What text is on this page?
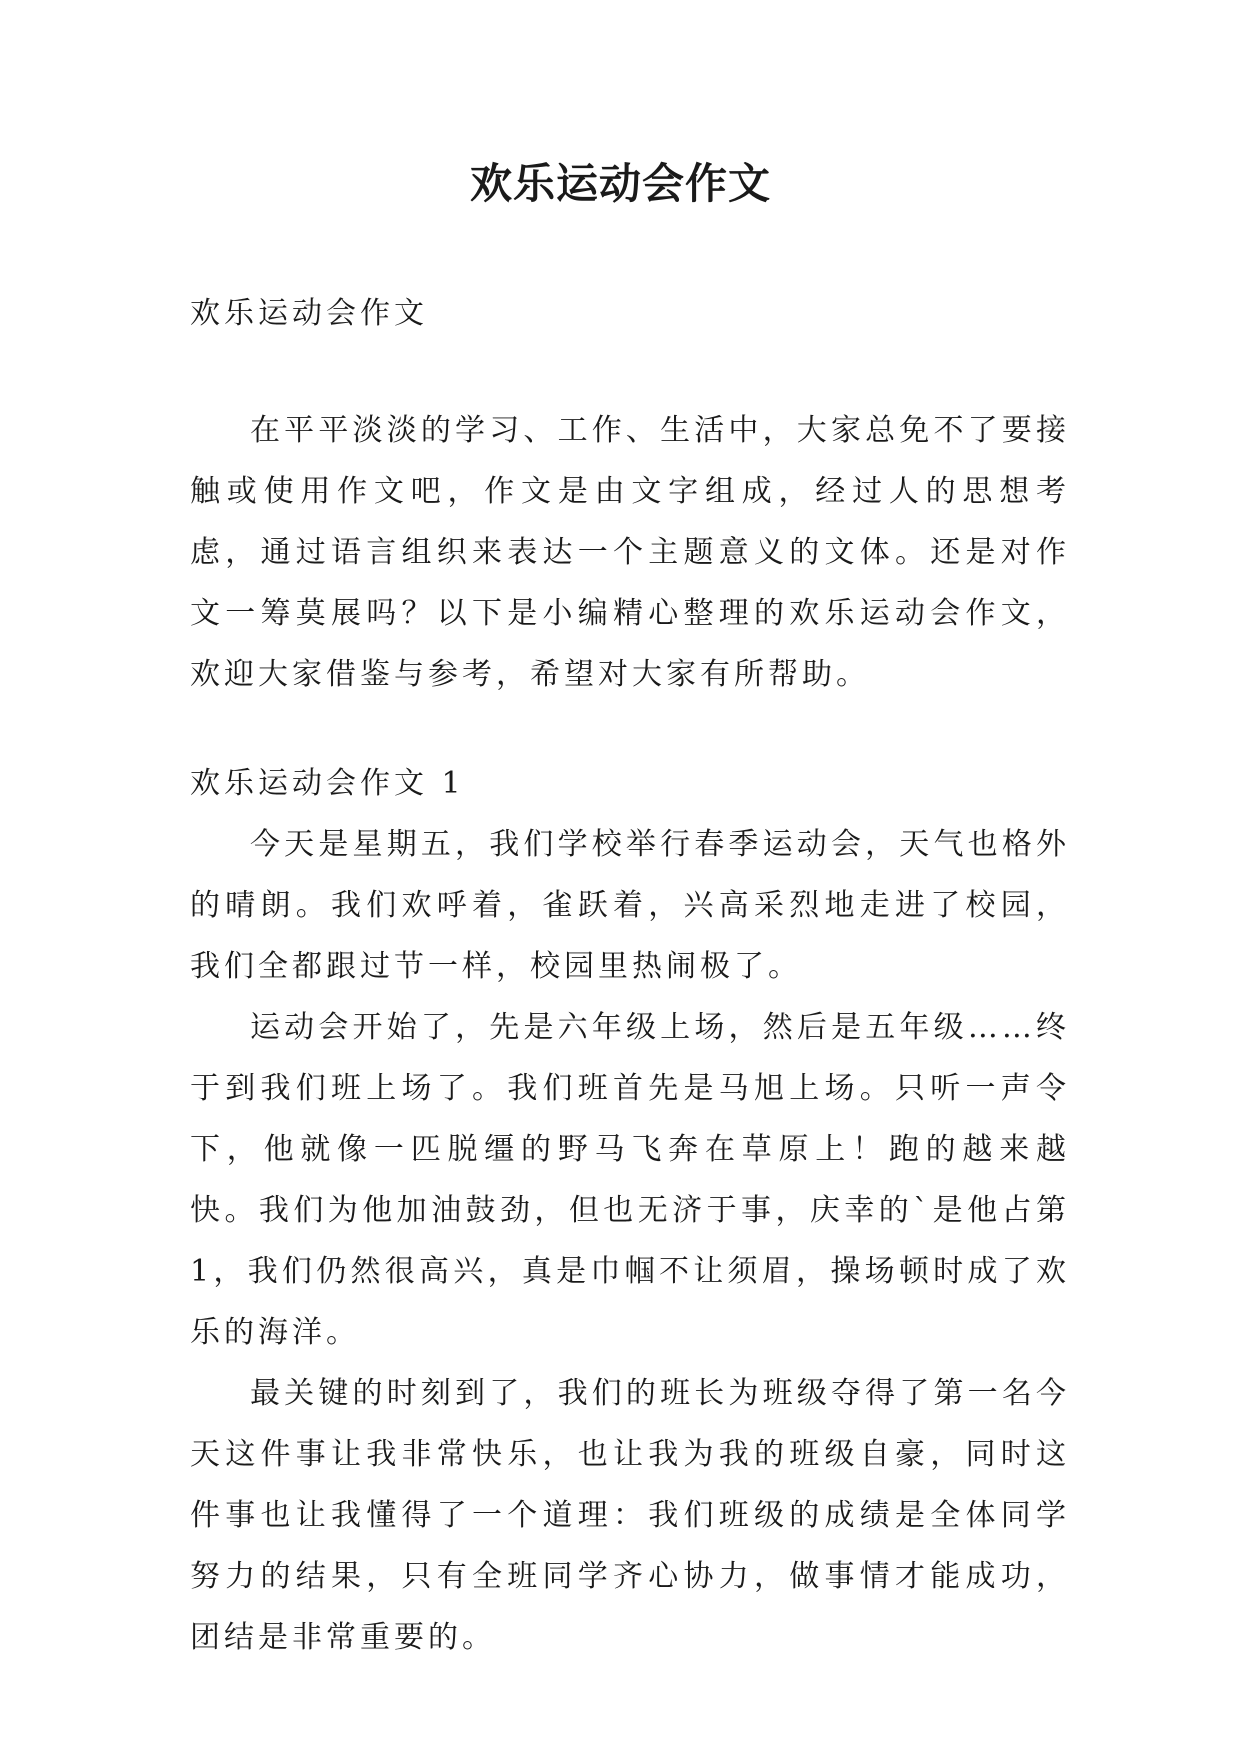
欢乐运动会作文
欢乐运动会作文

在平平淡淡的学习、工作、生活中，大家总免不了要接触或使用作文吧，作文是由文字组成，经过人的思想考虑，通过语言组织来表达一个主题意义的文体。还是对作文一筹莫展吗？以下是小编精心整理的欢乐运动会作文，欢迎大家借鉴与参考，希望对大家有所帮助。

欢乐运动会作文 1

今天是星期五，我们学校举行春季运动会，天气也格外的晴朗。我们欢呼着，雀跃着，兴高采烈地走进了校园，我们全都跟过节一样，校园里热闹极了。

运动会开始了，先是六年级上场，然后是五年级……终于到我们班上场了。我们班首先是马旭上场。只听一声令下，他就像一匹脱缰的野马飞奔在草原上！跑的越来越快。我们为他加油鼓劲，但也无济于事，庆幸的`是他占第 1，我们仍然很高兴，真是巾帼不让须眉，操场顿时成了欢乐的海洋。

最关键的时刻到了，我们的班长为班级夺得了第一名今天这件事让我非常快乐，也让我为我的班级自豪，同时这件事也让我懂得了一个道理：我们班级的成绩是全体同学努力的结果，只有全班同学齐心协力，做事情才能成功，团结是非常重要的。
